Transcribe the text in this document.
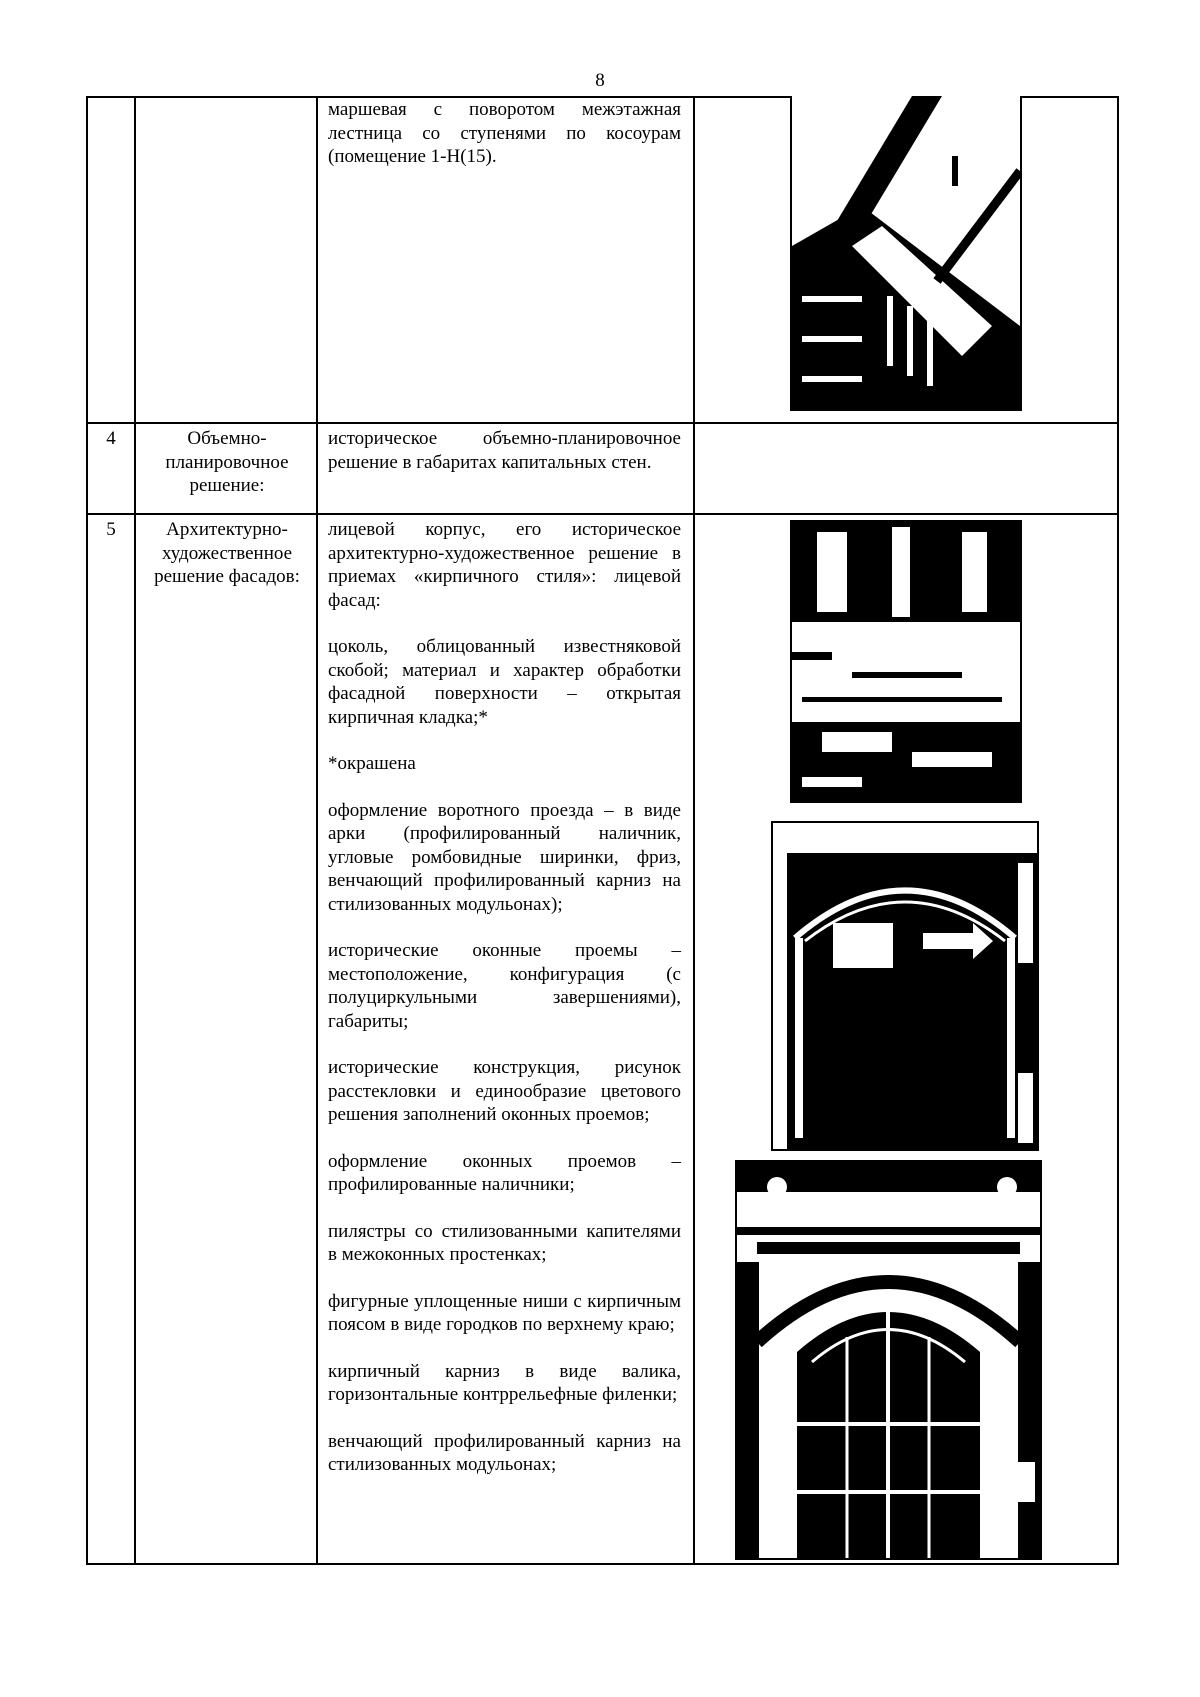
8

маршевая с поворотом межэтажная лестница со ступенями по косоурам (помещение 1-Н(15).

4	Объемно-планировочное решение:

историческое объемно-планировочное решение в габаритах капитальных стен.

5	Архитектурно-художественное решение фасадов:

лицевой корпус, его историческое архитектурно-художественное решение в приемах «кирпичного стиля»: лицевой фасад:

цоколь, облицованный известняковой скобой; материал и характер обработки фасадной поверхности – открытая кирпичная кладка;*

*окрашена

оформление воротного проезда – в виде арки (профилированный наличник, угловые ромбовидные ширинки, фриз, венчающий профилированный карниз на стилизованных модульонах);

исторические оконные проемы – местоположение, конфигурация (с полуциркульными завершениями), габариты;

исторические конструкция, рисунок расстекловки и единообразие цветового решения заполнений оконных проемов;

оформление оконных проемов – профилированные наличники;

пилястры со стилизованными капителями в межоконных простенках;

фигурные уплощенные ниши с кирпичным поясом в виде городков по верхнему краю;

кирпичный карниз в виде валика, горизонтальные контррельефные филенки;

венчающий профилированный карниз на стилизованных модульонах;
